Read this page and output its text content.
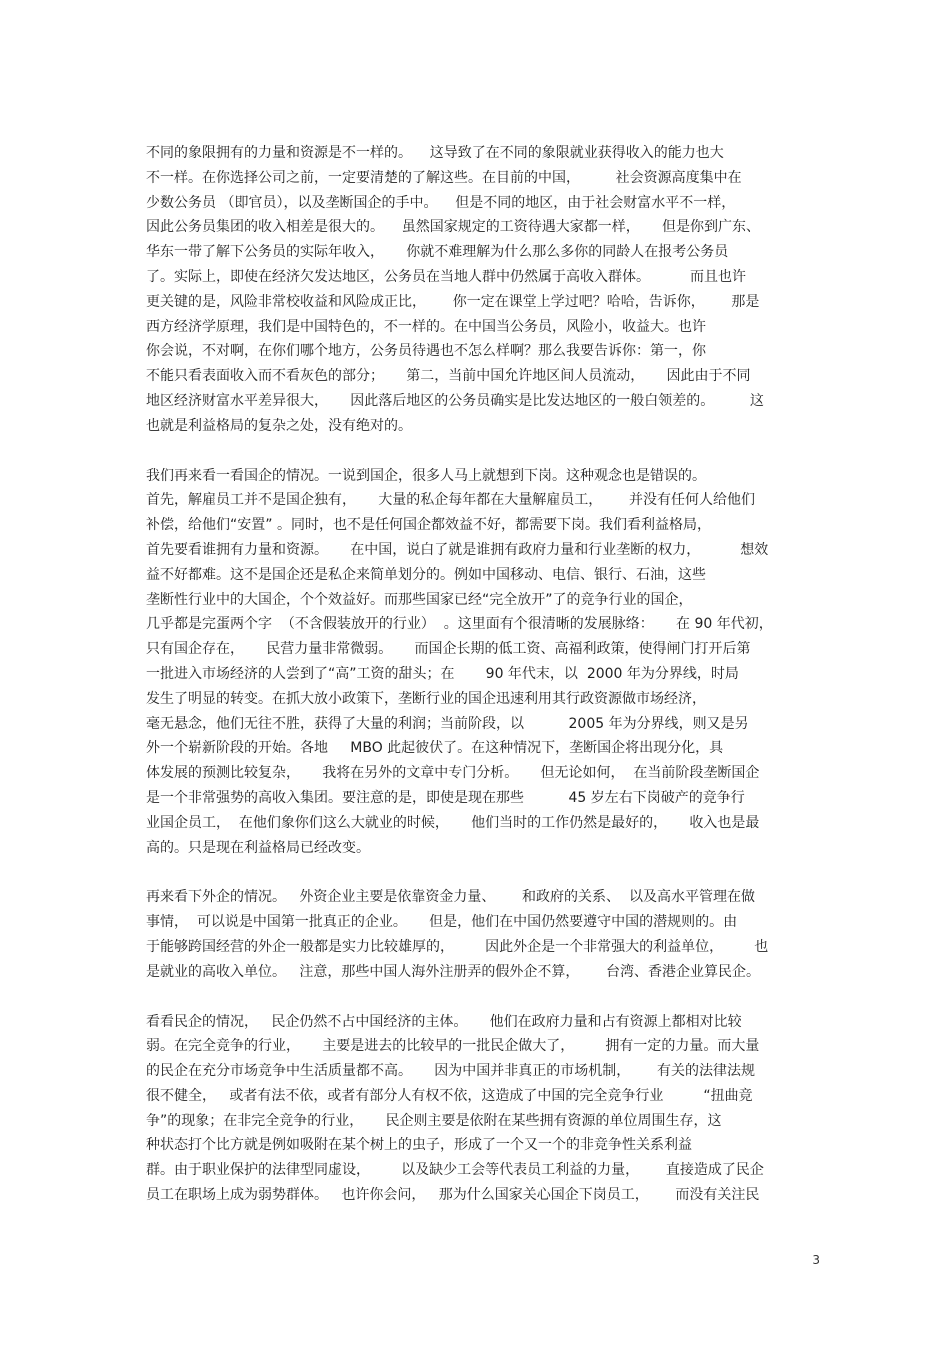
不同的象限拥有的力量和资源是不一样的。    这导致了在不同的象限就业获得收入的能力也大
不一样。在你选择公司之前，一定要清楚的了解这些。在目前的中国，        社会资源高度集中在
少数公务员 （即官员），以及垄断国企的手中。    但是不同的地区，由于社会财富水平不一样，
因此公务员集团的收入相差是很大的。    虽然国家规定的工资待遇大家都一样，     但是你到广东、
华东一带了解下公务员的实际年收入，     你就不难理解为什么那么多你的同龄人在报考公务员
了。实际上，即使在经济欠发达地区，公务员在当地人群中仍然属于高收入群体。         而且也许
更关键的是，风险非常校收益和风险成正比，      你一定在课堂上学过吧？哈哈，告诉你，      那是
西方经济学原理，我们是中国特色的，不一样的。在中国当公务员，风险小，收益大。也许
你会说，不对啊，在你们哪个地方，公务员待遇也不怎么样啊？那么我要告诉你：第一，你
不能只看表面收入而不看灰色的部分；     第二，当前中国允许地区间人员流动，     因此由于不同
地区经济财富水平差异很大，     因此落后地区的公务员确实是比发达地区的一般白领差的。        这
也就是利益格局的复杂之处，没有绝对的。
我们再来看一看国企的情况。一说到国企，很多人马上就想到下岗。这种观念也是错误的。
首先，解雇员工并不是国企独有，     大量的私企每年都在大量解雇员工，      并没有任何人给他们
补偿，给他们“安置” 。同时，也不是任何国企都效益不好，都需要下岗。我们看利益格局，
首先要看谁拥有力量和资源。     在中国，说白了就是谁拥有政府力量和行业垄断的权力，         想效
益不好都难。这不是国企还是私企来简单划分的。例如中国移动、电信、银行、石油，这些
垄断性行业中的大国企，个个效益好。而那些国家已经“完全放开”了的竞争行业的国企，
几乎都是完蛋两个字  （不含假装放开的行业）  。这里面有个很清晰的发展脉络：     在 90 年代初，
只有国企存在，     民营力量非常微弱。     而国企长期的低工资、高福利政策，使得闸门打开后第
一批进入市场经济的人尝到了“高”工资的甜头；在       90 年代末，以  2000 年为分界线，时局
发生了明显的转变。在抓大放小政策下，垄断行业的国企迅速利用其行政资源做市场经济，
毫无悬念，他们无往不胜，获得了大量的利润；当前阶段，以          2005 年为分界线，则又是另
外一个崭新阶段的开始。各地     MBO 此起彼伏了。在这种情况下，垄断国企将出现分化，具
体发展的预测比较复杂，     我将在另外的文章中专门分析。     但无论如何，  在当前阶段垄断国企
是一个非常强势的高收入集团。要注意的是，即使是现在那些          45 岁左右下岗破产的竞争行
业国企员工，  在他们象你们这么大就业的时候，     他们当时的工作仍然是最好的，     收入也是最
高的。只是现在利益格局已经改变。
再来看下外企的情况。   外资企业主要是依靠资金力量、      和政府的关系、  以及高水平管理在做
事情，  可以说是中国第一批真正的企业。     但是，他们在中国仍然要遵守中国的潜规则的。由
于能够跨国经营的外企一般都是实力比较雄厚的，       因此外企是一个非常强大的利益单位，       也
是就业的高收入单位。   注意，那些中国人海外注册弄的假外企不算，      台湾、香港企业算民企。
看看民企的情况，   民企仍然不占中国经济的主体。     他们在政府力量和占有资源上都相对比较
弱。在完全竞争的行业，     主要是进去的比较早的一批民企做大了，       拥有一定的力量。而大量
的民企在充分市场竞争中生活质量都不高。     因为中国并非真正的市场机制，      有关的法律法规
很不健全，   或者有法不依，或者有部分人有权不依，这造成了中国的完全竞争行业         “扭曲竞
争”的现象；在非完全竞争的行业，     民企则主要是依附在某些拥有资源的单位周围生存，这
种状态打个比方就是例如吸附在某个树上的虫子，形成了一个又一个的非竞争性关系利益
群。由于职业保护的法律型同虚设，       以及缺少工会等代表员工利益的力量，      直接造成了民企
员工在职场上成为弱势群体。   也许你会问，   那为什么国家关心国企下岗员工，      而没有关注民
3
